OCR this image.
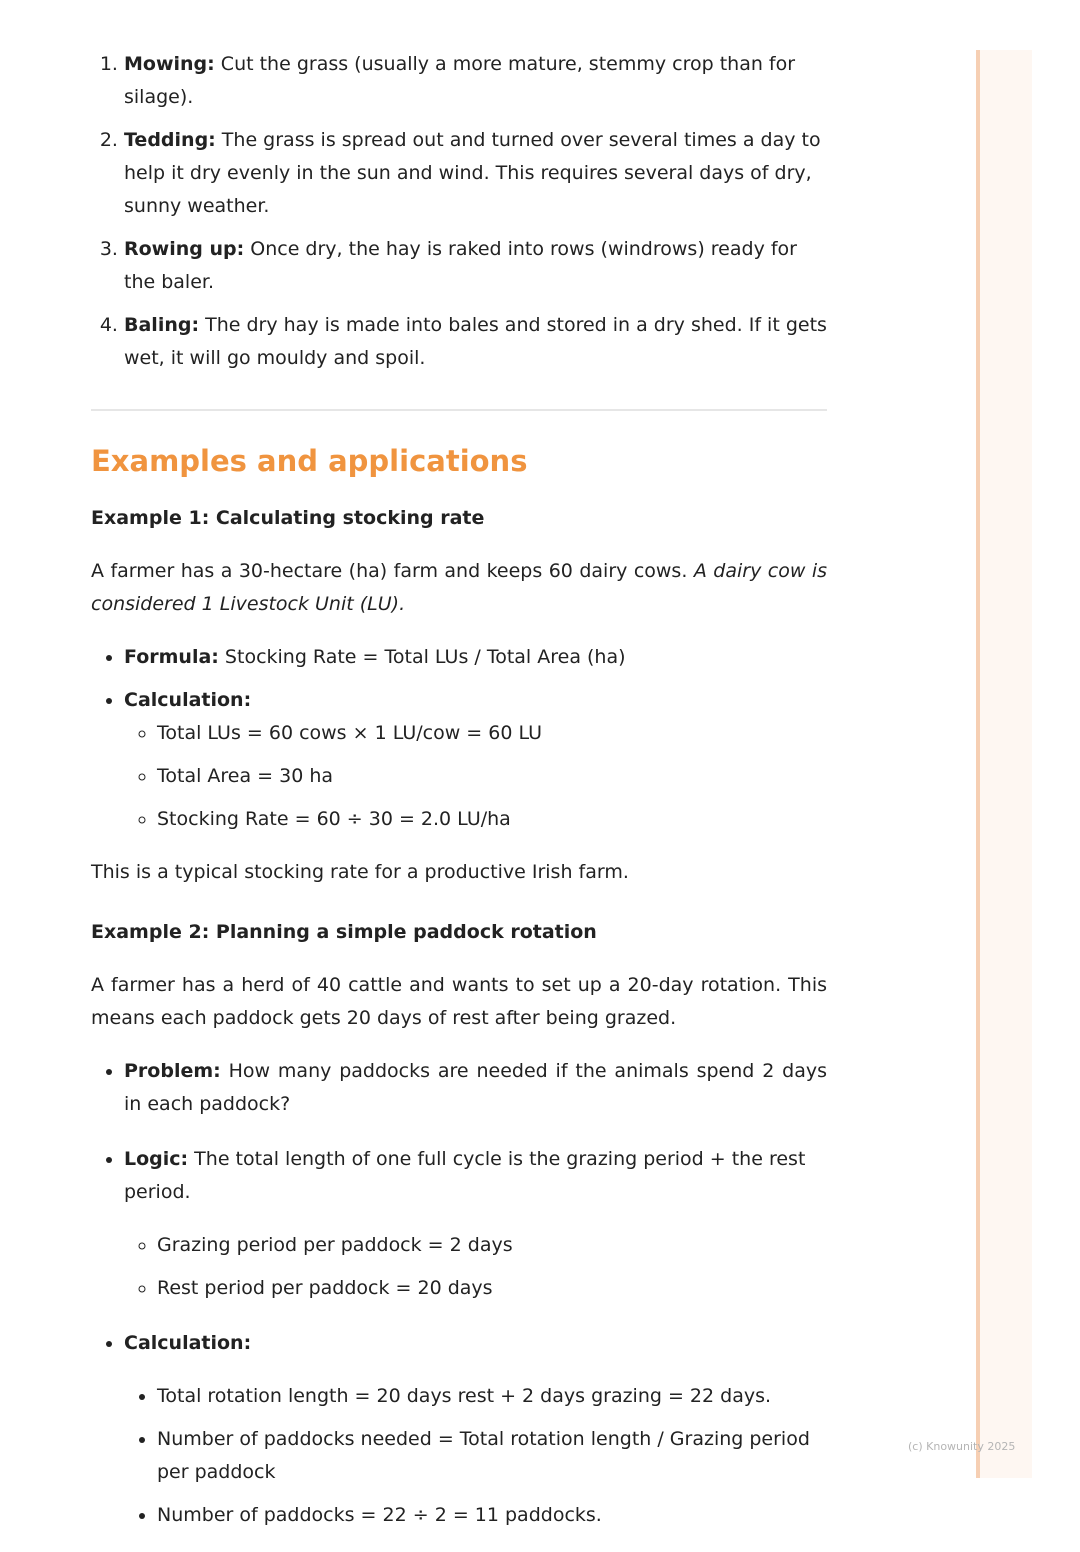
1. Mowing: Cut the grass (usually a more mature, stemmy crop than for silage).
2. Tedding: The grass is spread out and turned over several times a day to help it dry evenly in the sun and wind. This requires several days of dry, sunny weather.
3. Rowing up: Once dry, the hay is raked into rows (windrows) ready for the baler.
4. Baling: The dry hay is made into bales and stored in a dry shed. If it gets wet, it will go mouldy and spoil.
Examples and applications
Example 1: Calculating stocking rate

A farmer has a 30-hectare (ha) farm and keeps 60 dairy cows. A dairy cow is considered 1 Livestock Unit (LU).

• Formula: Stocking Rate = Total LUs / Total Area (ha)
• Calculation:
◦ Total LUs = 60 cows × 1 LU/cow = 60 LU
◦ Total Area = 30 ha
◦ Stocking Rate = 60 ÷ 30 = 2.0 LU/ha

This is a typical stocking rate for a productive Irish farm.

Example 2: Planning a simple paddock rotation

A farmer has a herd of 40 cattle and wants to set up a 20-day rotation. This means each paddock gets 20 days of rest after being grazed.

• Problem: How many paddocks are needed if the animals spend 2 days in each paddock?
• Logic: The total length of one full cycle is the grazing period + the rest period.
◦ Grazing period per paddock = 2 days
◦ Rest period per paddock = 20 days
• Calculation:
• Total rotation length = 20 days rest + 2 days grazing = 22 days.
• Number of paddocks needed = Total rotation length / Grazing period per paddock
• Number of paddocks = 22 ÷ 2 = 11 paddocks.
(c) Knowunity 2025
